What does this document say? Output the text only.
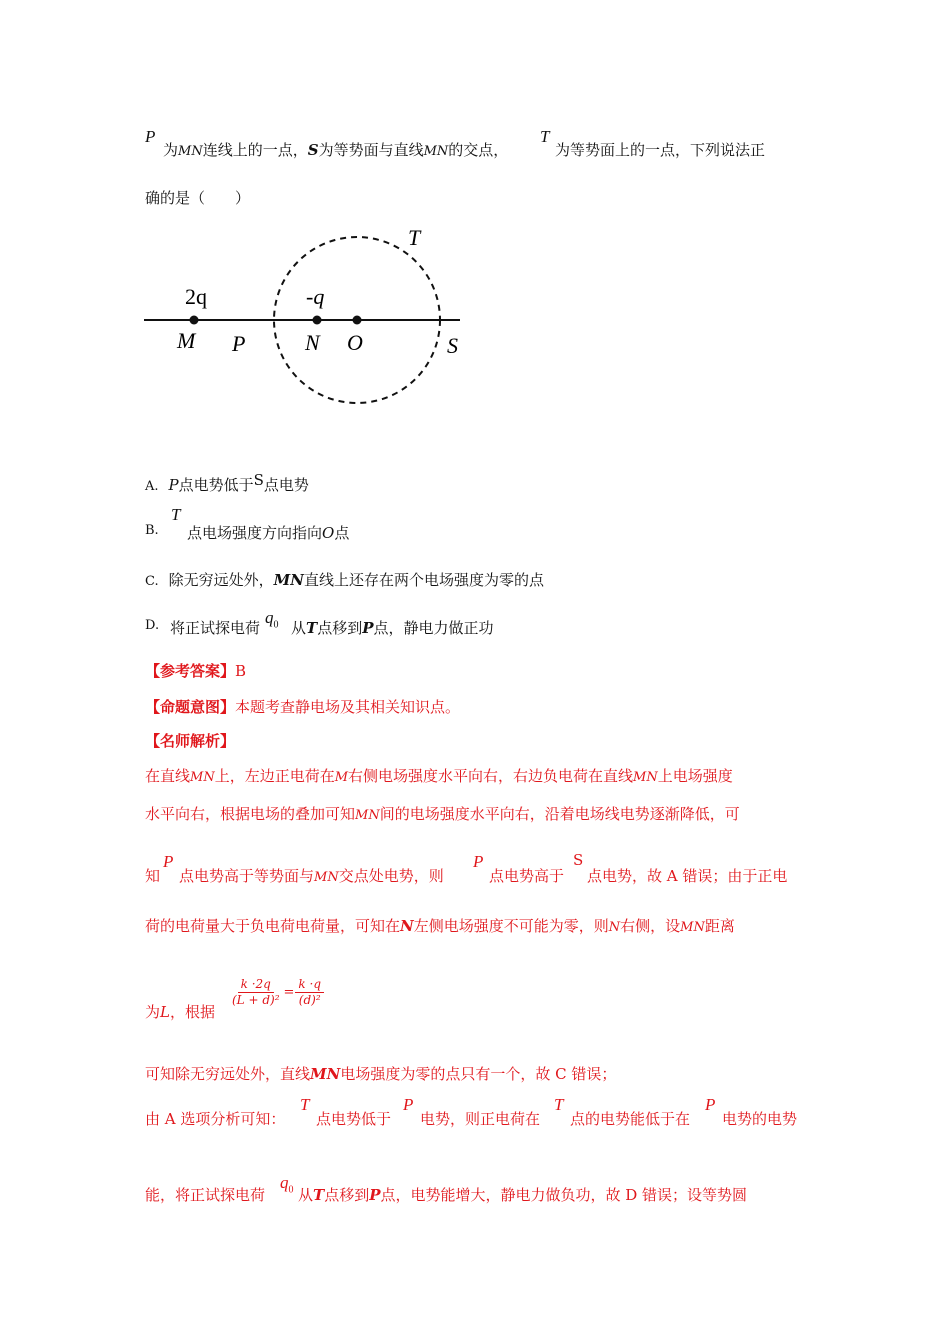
P
为MN连线上的一点，S为等势面与直线MN的交点，
T
为等势面上的一点，下列说法正
确的是（　　）
2q	-q
M P	N O	S
T
A. P点电势低于S点电势
B.
T
点电场强度方向指向O点
C. 除无穷远处外，MN直线上还存在两个电场强度为零的点
D. 将正试探电荷
$q_0$ 从T点移到P点，静电力做正功
【参考答案】B
【命题意图】本题考查静电场及其相关知识点。
【名师解析】
在直线MN上，左边正电荷在M右侧电场强度水平向右，右边负电荷在直线MN上电场强度
水平向右，根据电场的叠加可知MN间的电场强度水平向右，沿着电场线电势逐渐降低，可
知
P
点电势高于等势面与MN交点处电势，则
P
点电势高于
S
点电势，故 A 错误；由于正电
荷的电荷量大于负电荷电荷量，可知在N左侧电场强度不可能为零，则N右侧，设MN距离
为L，根据
$\frac{k \cdot 2q}{\text{(L + d)²}} = \frac{k \cdot q}{\text{(d)²}}$
可知除无穷远处外，直线MN电场强度为零的点只有一个，故 C 错误；
由 A 选项分析可知：
T
点电势低于
P
电势，则正电荷在
T
点的电势能低于在
P
电势的电势
能，将正试探电荷
$q_0$ 从T点移到P点，电势能增大，静电力做负功，故 D 错误；设等势圆
